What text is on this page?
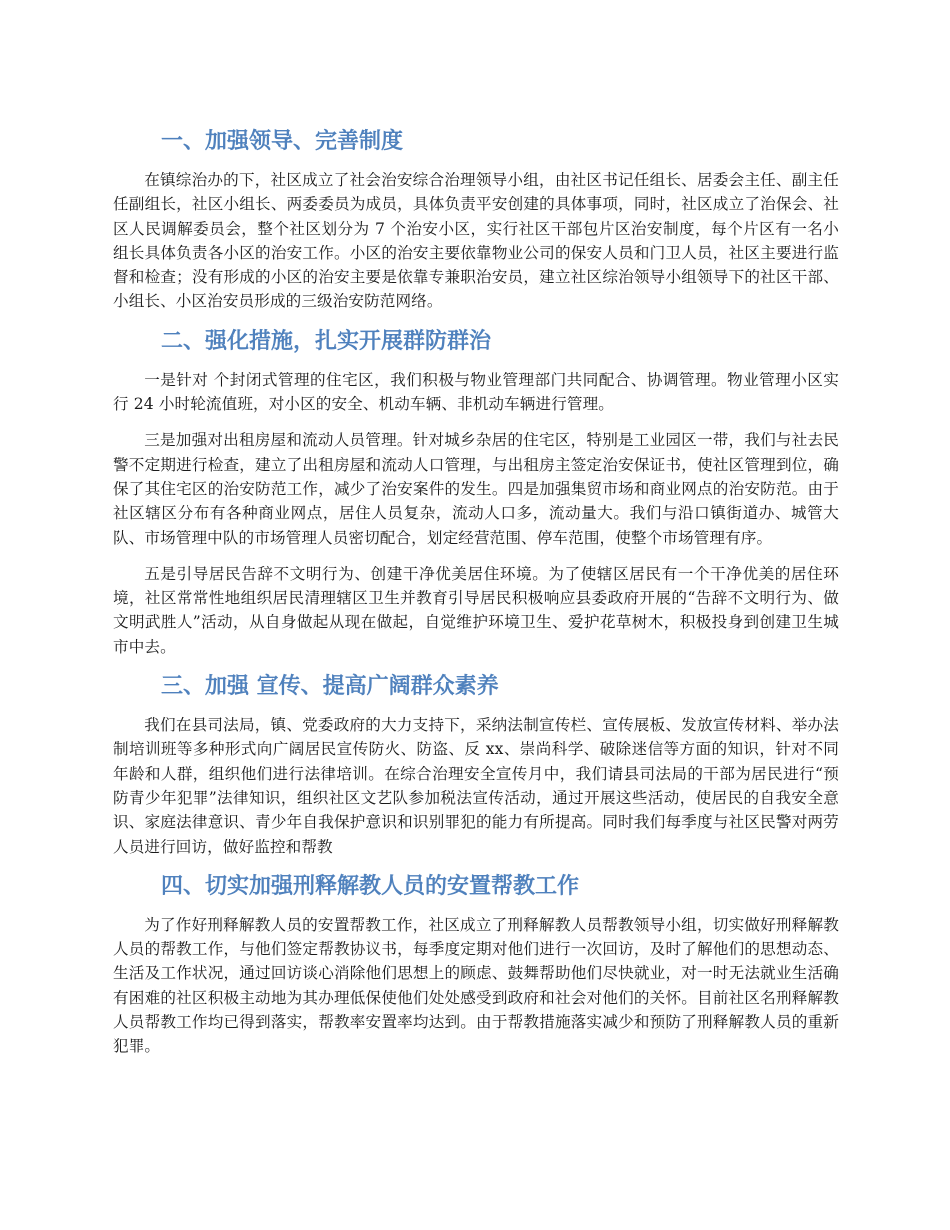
一、加强领导、完善制度

在镇综治办的下，社区成立了社会治安综合治理领导小组，由社区书记任组长、居委会主任、副主任任副组长，社区小组长、两委委员为成员，具体负责平安创建的具体事项，同时，社区成立了治保会、社区人民调解委员会，整个社区划分为 7 个治安小区，实行社区干部包片区治安制度，每个片区有一名小组长具体负责各小区的治安工作。小区的治安主要依靠物业公司的保安人员和门卫人员，社区主要进行监督和检查；没有形成的小区的治安主要是依靠专兼职治安员，建立社区综治领导小组领导下的社区干部、小组长、小区治安员形成的三级治安防范网络。

二、强化措施，扎实开展群防群治

一是针对 个封闭式管理的住宅区，我们积极与物业管理部门共同配合、协调管理。物业管理小区实行 24 小时轮流值班，对小区的安全、机动车辆、非机动车辆进行管理。

三是加强对出租房屋和流动人员管理。针对城乡杂居的住宅区，特别是工业园区一带，我们与社去民警不定期进行检查，建立了出租房屋和流动人口管理，与出租房主签定治安保证书，使社区管理到位，确保了其住宅区的治安防范工作，减少了治安案件的发生。四是加强集贸市场和商业网点的治安防范。由于 社区辖区分布有各种商业网点，居住人员复杂，流动人口多，流动量大。我们与沿口镇街道办、城管大队、市场管理中队的市场管理人员密切配合，划定经营范围、停车范围，使整个市场管理有序。

五是引导居民告辞不文明行为、创建干净优美居住环境。为了使辖区居民有一个干净优美的居住环境，社区常常性地组织居民清理辖区卫生并教育引导居民积极响应县委政府开展的“告辞不文明行为、做文明武胜人”活动，从自身做起从现在做起，自觉维护环境卫生、爱护花草树木，积极投身到创建卫生城市中去。

三、加强 宣传、提高广阔群众素养

我们在县司法局，镇、党委政府的大力支持下，采纳法制宣传栏、宣传展板、发放宣传材料、举办法制培训班等多种形式向广阔居民宣传防火、防盗、反 xx、崇尚科学、破除迷信等方面的知识，针对不同年龄和人群，组织他们进行法律培训。在综合治理安全宣传月中，我们请县司法局的干部为居民进行“预防青少年犯罪”法律知识，组织社区文艺队参加税法宣传活动，通过开展这些活动，使居民的自我安全意识、家庭法律意识、青少年自我保护意识和识别罪犯的能力有所提高。同时我们每季度与社区民警对两劳人员进行回访，做好监控和帮教

四、切实加强刑释解教人员的安置帮教工作

为了作好刑释解教人员的安置帮教工作，社区成立了刑释解教人员帮教领导小组，切实做好刑释解教人员的帮教工作，与他们签定帮教协议书，每季度定期对他们进行一次回访，及时了解他们的思想动态、生活及工作状况，通过回访谈心消除他们思想上的顾虑、鼓舞帮助他们尽快就业，对一时无法就业生活确有困难的社区积极主动地为其办理低保使他们处处感受到政府和社会对他们的关怀。目前社区名刑释解教人员帮教工作均已得到落实，帮教率安置率均达到。由于帮教措施落实减少和预防了刑释解教人员的重新犯罪。
